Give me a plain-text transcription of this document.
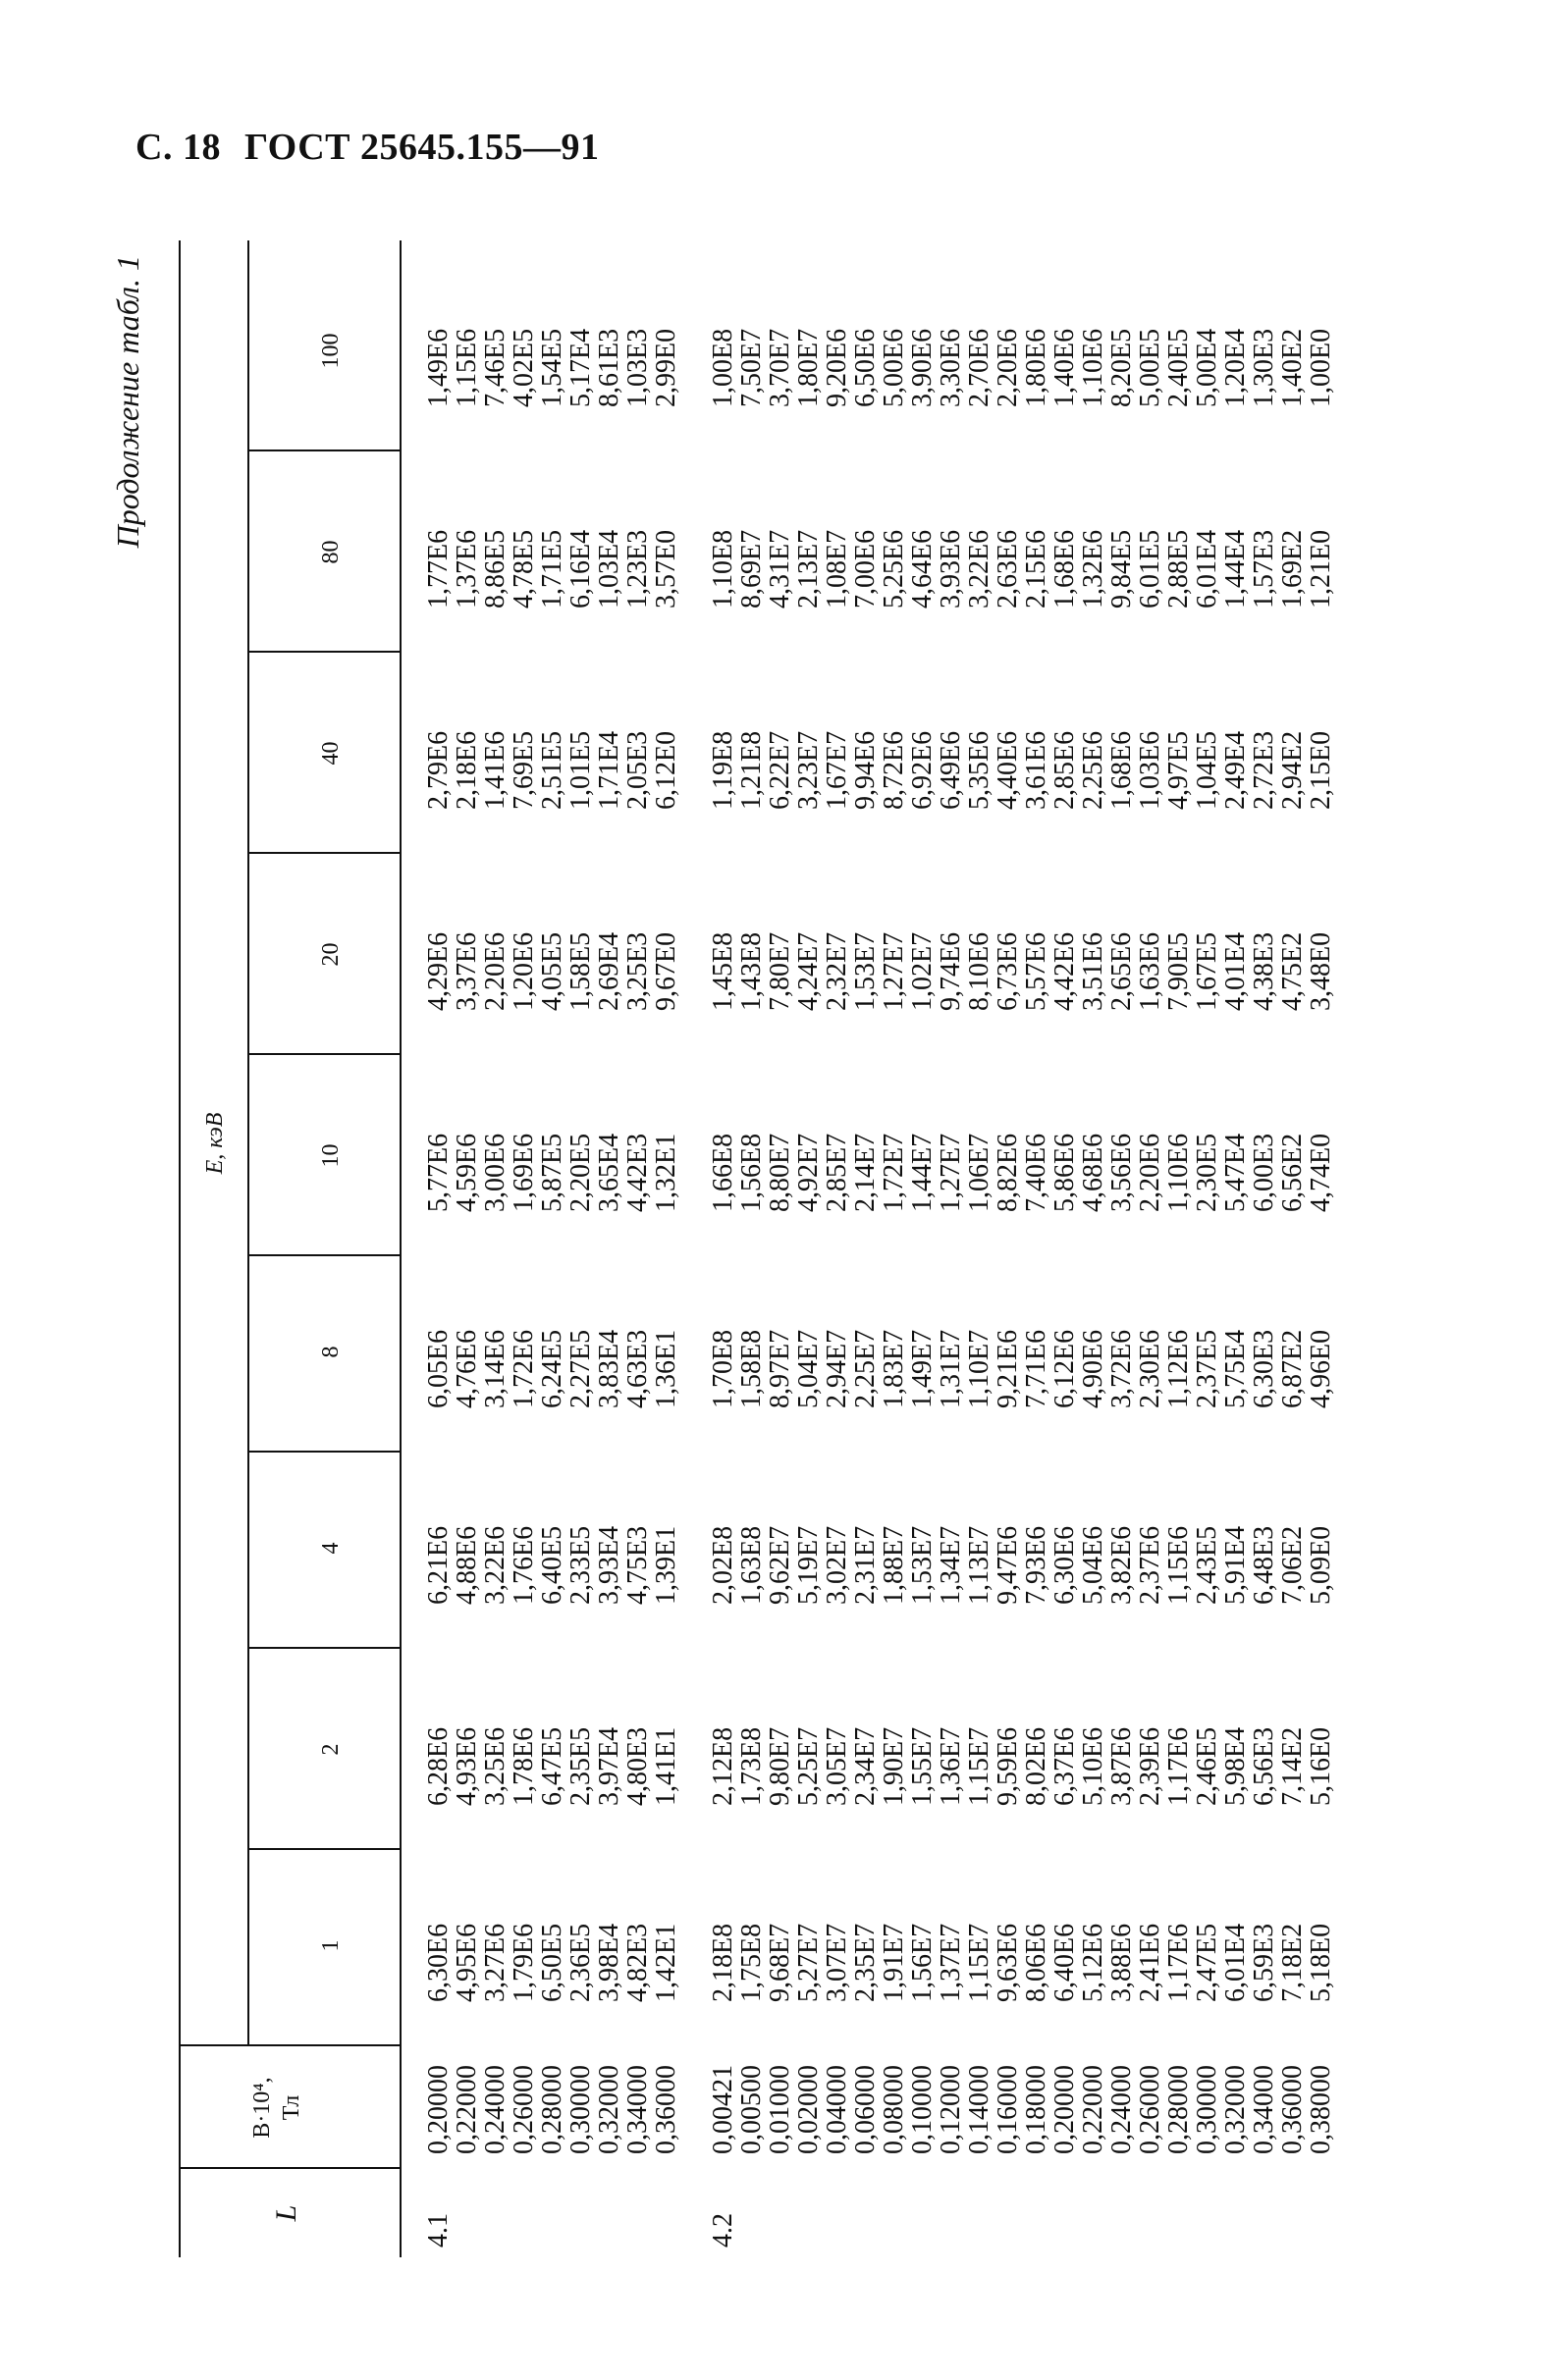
С. 18 ГОСТ 25645.155—91
Продолжение табл. 1
L
B·10⁴, Тл
E, кэВ
1
2
4
8
10
20
40
80
100
4.1
0,20000
6,30E6
6,28E6
6,21E6
6,05E6
5,77E6
4,29E6
2,79E6
1,77E6
1,49E6
0,22000
4,95E6
4,93E6
4,88E6
4,76E6
4,59E6
3,37E6
2,18E6
1,37E6
1,15E6
0,24000
3,27E6
3,25E6
3,22E6
3,14E6
3,00E6
2,20E6
1,41E6
8,86E5
7,46E5
0,26000
1,79E6
1,78E6
1,76E6
1,72E6
1,69E6
1,20E6
7,69E5
4,78E5
4,02E5
0,28000
6,50E5
6,47E5
6,40E5
6,24E5
5,87E5
4,05E5
2,51E5
1,71E5
1,54E5
0,30000
2,36E5
2,35E5
2,33E5
2,27E5
2,20E5
1,58E5
1,01E5
6,16E4
5,17E4
0,32000
3,98E4
3,97E4
3,93E4
3,83E4
3,65E4
2,69E4
1,71E4
1,03E4
8,61E3
0,34000
4,82E3
4,80E3
4,75E3
4,63E3
4,42E3
3,25E3
2,05E3
1,23E3
1,03E3
0,36000
1,42E1
1,41E1
1,39E1
1,36E1
1,32E1
9,67E0
6,12E0
3,57E0
2,99E0
4.2
0,00421
2,18E8
2,12E8
2,02E8
1,70E8
1,66E8
1,45E8
1,19E8
1,10E8
1,00E8
0,00500
1,75E8
1,73E8
1,63E8
1,58E8
1,56E8
1,43E8
1,21E8
8,69E7
7,50E7
0,01000
9,68E7
9,80E7
9,62E7
8,97E7
8,80E7
7,80E7
6,22E7
4,31E7
3,70E7
0,02000
5,27E7
5,25E7
5,19E7
5,04E7
4,92E7
4,24E7
3,23E7
2,13E7
1,80E7
0,04000
3,07E7
3,05E7
3,02E7
2,94E7
2,85E7
2,32E7
1,67E7
1,08E7
9,20E6
0,06000
2,35E7
2,34E7
2,31E7
2,25E7
2,14E7
1,53E7
9,94E6
7,00E6
6,50E6
0,08000
1,91E7
1,90E7
1,88E7
1,83E7
1,72E7
1,27E7
8,72E6
5,25E6
5,00E6
0,10000
1,56E7
1,55E7
1,53E7
1,49E7
1,44E7
1,02E7
6,92E6
4,64E6
3,90E6
0,12000
1,37E7
1,36E7
1,34E7
1,31E7
1,27E7
9,74E6
6,49E6
3,93E6
3,30E6
0,14000
1,15E7
1,15E7
1,13E7
1,10E7
1,06E7
8,10E6
5,35E6
3,22E6
2,70E6
0,16000
9,63E6
9,59E6
9,47E6
9,21E6
8,82E6
6,73E6
4,40E6
2,63E6
2,20E6
0,18000
8,06E6
8,02E6
7,93E6
7,71E6
7,40E6
5,57E6
3,61E6
2,15E6
1,80E6
0,20000
6,40E6
6,37E6
6,30E6
6,12E6
5,86E6
4,42E6
2,85E6
1,68E6
1,40E6
0,22000
5,12E6
5,10E6
5,04E6
4,90E6
4,68E6
3,51E6
2,25E6
1,32E6
1,10E6
0,24000
3,88E6
3,87E6
3,82E6
3,72E6
3,56E6
2,65E6
1,68E6
9,84E5
8,20E5
0,26000
2,41E6
2,39E6
2,37E6
2,30E6
2,20E6
1,63E6
1,03E6
6,01E5
5,00E5
0,28000
1,17E6
1,17E6
1,15E6
1,12E6
1,10E6
7,90E5
4,97E5
2,88E5
2,40E5
0,30000
2,47E5
2,46E5
2,43E5
2,37E5
2,30E5
1,67E5
1,04E5
6,01E4
5,00E4
0,32000
6,01E4
5,98E4
5,91E4
5,75E4
5,47E4
4,01E4
2,49E4
1,44E4
1,20E4
0,34000
6,59E3
6,56E3
6,48E3
6,30E3
6,00E3
4,38E3
2,72E3
1,57E3
1,30E3
0,36000
7,18E2
7,14E2
7,06E2
6,87E2
6,56E2
4,75E2
2,94E2
1,69E2
1,40E2
0,38000
5,18E0
5,16E0
5,09E0
4,96E0
4,74E0
3,48E0
2,15E0
1,21E0
1,00E0
